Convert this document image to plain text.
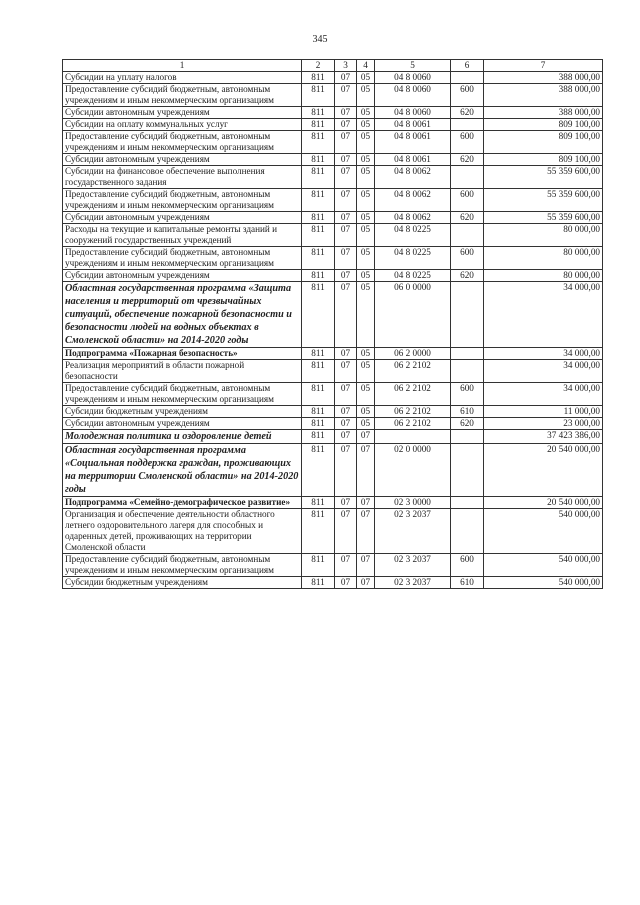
345
1	2	3	4	5	6	7
Субсидии на уплату налогов	811	07	05	04 8 0060		388 000,00
Предоставление субсидий бюджетным, автономным учреждениям и иным некоммерческим организациям	811	07	05	04 8 0060	600	388 000,00
Субсидии автономным учреждениям	811	07	05	04 8 0060	620	388 000,00
Субсидии на оплату коммунальных услуг	811	07	05	04 8 0061		809 100,00
Предоставление субсидий бюджетным, автономным учреждениям и иным некоммерческим организациям	811	07	05	04 8 0061	600	809 100,00
Субсидии автономным учреждениям	811	07	05	04 8 0061	620	809 100,00
Субсидии на финансовое обеспечение выполнения государственного задания	811	07	05	04 8 0062		55 359 600,00
Предоставление субсидий бюджетным, автономным учреждениям и иным некоммерческим организациям	811	07	05	04 8 0062	600	55 359 600,00
Субсидии автономным учреждениям	811	07	05	04 8 0062	620	55 359 600,00
Расходы на текущие и капитальные ремонты зданий и сооружений государственных учреждений	811	07	05	04 8 0225		80 000,00
Предоставление субсидий бюджетным, автономным учреждениям и иным некоммерческим организациям	811	07	05	04 8 0225	600	80 000,00
Субсидии автономным учреждениям	811	07	05	04 8 0225	620	80 000,00
Областная государственная программа «Защита населения и территорий от чрезвычайных ситуаций, обеспечение пожарной безопасности и безопасности людей на водных объектах в Смоленской области» на 2014-2020 годы	811	07	05	06 0 0000		34 000,00
Подпрограмма «Пожарная безопасность»	811	07	05	06 2 0000		34 000,00
Реализация мероприятий в области пожарной безопасности	811	07	05	06 2 2102		34 000,00
Предоставление субсидий бюджетным, автономным учреждениям и иным некоммерческим организациям	811	07	05	06 2 2102	600	34 000,00
Субсидии бюджетным учреждениям	811	07	05	06 2 2102	610	11 000,00
Субсидии автономным учреждениям	811	07	05	06 2 2102	620	23 000,00
Молодежная политика и оздоровление детей	811	07	07			37 423 386,00
Областная государственная программа «Социальная поддержка граждан, проживающих на территории Смоленской области» на 2014-2020 годы	811	07	07	02 0 0000		20 540 000,00
Подпрограмма «Семейно-демографическое развитие»	811	07	07	02 3 0000		20 540 000,00
Организация и обеспечение деятельности областного летнего оздоровительного лагеря для способных и одаренных детей, проживающих на территории Смоленской области	811	07	07	02 3 2037		540 000,00
Предоставление субсидий бюджетным, автономным учреждениям и иным некоммерческим организациям	811	07	07	02 3 2037	600	540 000,00
Субсидии бюджетным учреждениям	811	07	07	02 3 2037	610	540 000,00
